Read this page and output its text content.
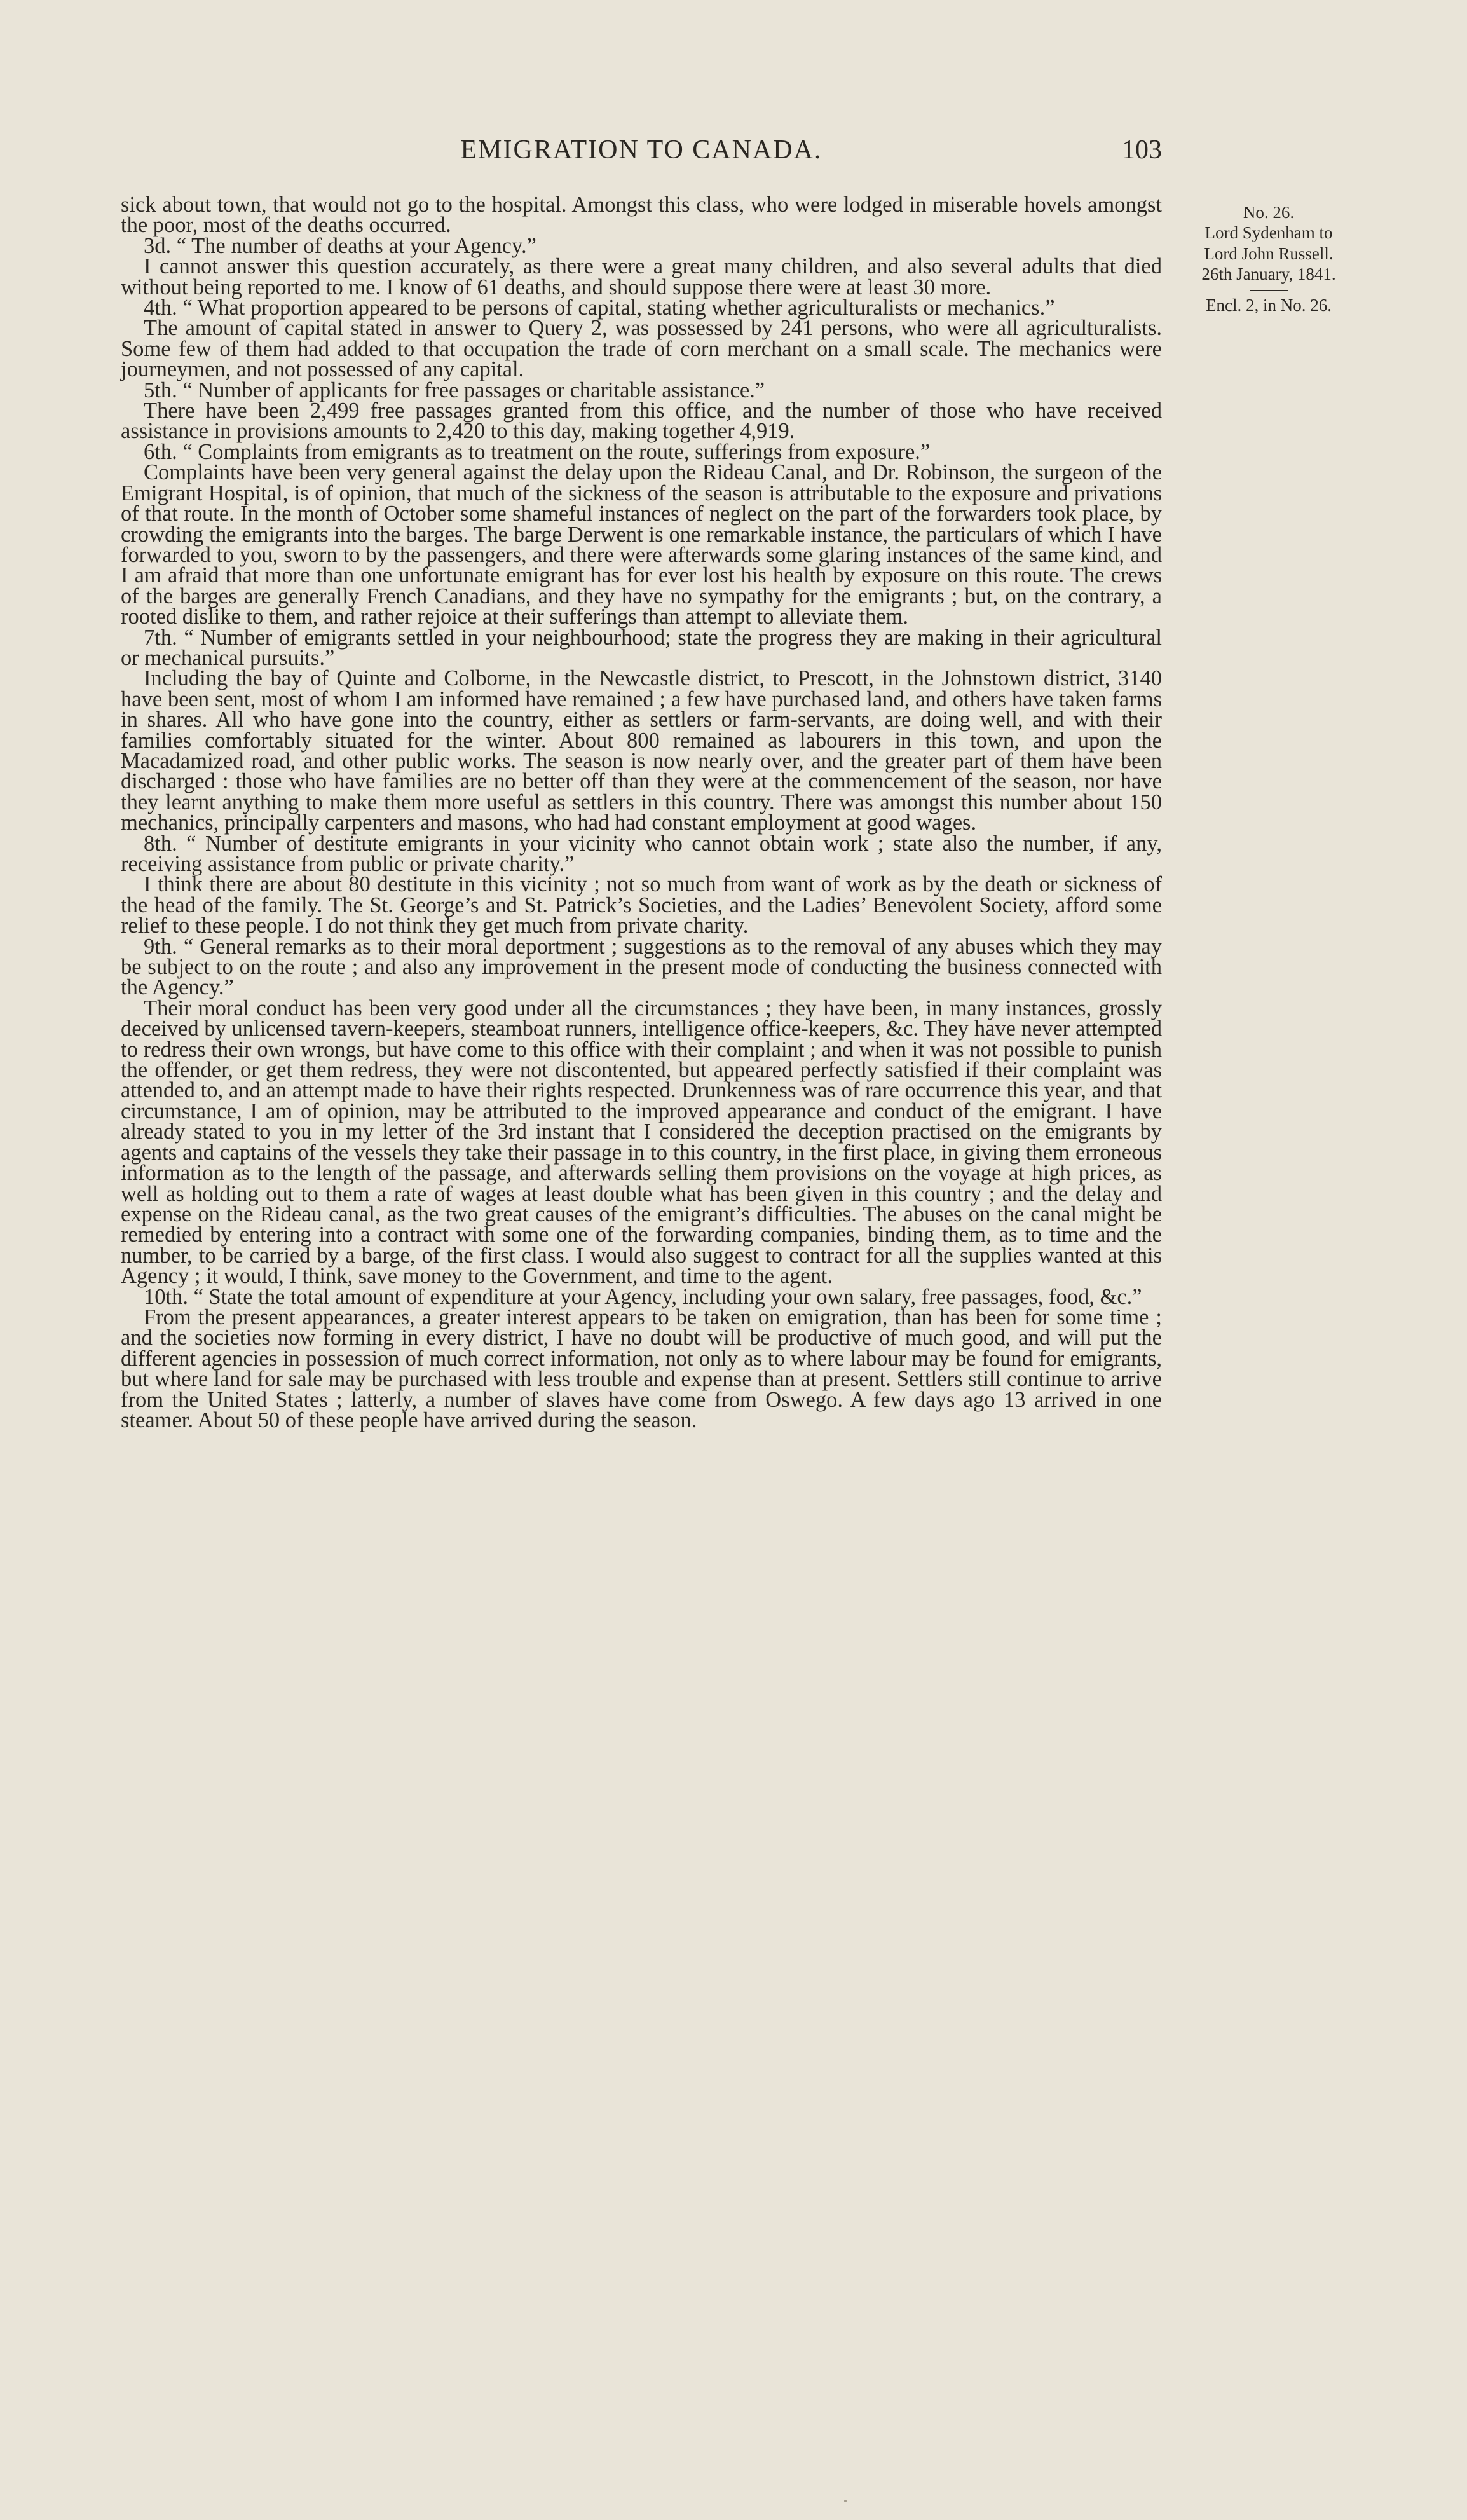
EMIGRATION TO CANADA.	103
No. 26.
Lord Sydenham to
Lord John Russell.
26th January, 1841.
Encl. 2, in No. 26.

sick about town, that would not go to the hospital. Amongst this class, who were lodged in miserable hovels amongst the poor, most of the deaths occurred.

3d. “ The number of deaths at your Agency.”

I cannot answer this question accurately, as there were a great many children, and also several adults that died without being reported to me. I know of 61 deaths, and should suppose there were at least 30 more.

4th. “ What proportion appeared to be persons of capital, stating whether agriculturalists or mechanics.”

The amount of capital stated in answer to Query 2, was possessed by 241 persons, who were all agriculturalists. Some few of them had added to that occupation the trade of corn merchant on a small scale. The mechanics were journeymen, and not possessed of any capital.

5th. “ Number of applicants for free passages or charitable assistance.”

There have been 2,499 free passages granted from this office, and the number of those who have received assistance in provisions amounts to 2,420 to this day, making together 4,919.

6th. “ Complaints from emigrants as to treatment on the route, sufferings from exposure.”

Complaints have been very general against the delay upon the Rideau Canal, and Dr. Robinson, the surgeon of the Emigrant Hospital, is of opinion, that much of the sickness of the season is attributable to the exposure and privations of that route. In the month of October some shameful instances of neglect on the part of the forwarders took place, by crowding the emigrants into the barges. The barge Derwent is one remarkable instance, the particulars of which I have forwarded to you, sworn to by the passengers, and there were afterwards some glaring instances of the same kind, and I am afraid that more than one unfortunate emigrant has for ever lost his health by exposure on this route. The crews of the barges are generally French Canadians, and they have no sympathy for the emigrants ; but, on the contrary, a rooted dislike to them, and rather rejoice at their sufferings than attempt to alleviate them.

7th. “ Number of emigrants settled in your neighbourhood; state the progress they are making in their agricultural or mechanical pursuits.”

Including the bay of Quinte and Colborne, in the Newcastle district, to Prescott, in the Johnstown district, 3140 have been sent, most of whom I am informed have remained ; a few have purchased land, and others have taken farms in shares. All who have gone into the country, either as settlers or farm-servants, are doing well, and with their families comfortably situated for the winter. About 800 remained as labourers in this town, and upon the Macadamized road, and other public works. The season is now nearly over, and the greater part of them have been discharged : those who have families are no better off than they were at the commencement of the season, nor have they learnt anything to make them more useful as settlers in this country. There was amongst this number about 150 mechanics, principally carpenters and masons, who had had constant employment at good wages.

8th. “ Number of destitute emigrants in your vicinity who cannot obtain work ; state also the number, if any, receiving assistance from public or private charity.”

I think there are about 80 destitute in this vicinity ; not so much from want of work as by the death or sickness of the head of the family. The St. George’s and St. Patrick’s Societies, and the Ladies’ Benevolent Society, afford some relief to these people. I do not think they get much from private charity.

9th. “ General remarks as to their moral deportment ; suggestions as to the removal of any abuses which they may be subject to on the route ; and also any improvement in the present mode of conducting the business connected with the Agency.”

Their moral conduct has been very good under all the circumstances ; they have been, in many instances, grossly deceived by unlicensed tavern-keepers, steamboat runners, intelligence office-keepers, &c. They have never attempted to redress their own wrongs, but have come to this office with their complaint ; and when it was not possible to punish the offender, or get them redress, they were not discontented, but appeared perfectly satisfied if their complaint was attended to, and an attempt made to have their rights respected. Drunkenness was of rare occurrence this year, and that circumstance, I am of opinion, may be attributed to the improved appearance and conduct of the emigrant. I have already stated to you in my letter of the 3rd instant that I considered the deception practised on the emigrants by agents and captains of the vessels they take their passage in to this country, in the first place, in giving them erroneous information as to the length of the passage, and afterwards selling them provisions on the voyage at high prices, as well as holding out to them a rate of wages at least double what has been given in this country ; and the delay and expense on the Rideau canal, as the two great causes of the emigrant’s difficulties. The abuses on the canal might be remedied by entering into a contract with some one of the forwarding companies, binding them, as to time and the number, to be carried by a barge, of the first class. I would also suggest to contract for all the supplies wanted at this Agency ; it would, I think, save money to the Government, and time to the agent.

10th. “ State the total amount of expenditure at your Agency, including your own salary, free passages, food, &c.”

From the present appearances, a greater interest appears to be taken on emigration, than has been for some time ; and the societies now forming in every district, I have no doubt will be productive of much good, and will put the different agencies in possession of much correct information, not only as to where labour may be found for emigrants, but where land for sale may be purchased with less trouble and expense than at present. Settlers still continue to arrive from the United States ; latterly, a number of slaves have come from Oswego. A few days ago 13 arrived in one steamer. About 50 of these people have arrived during the season.
